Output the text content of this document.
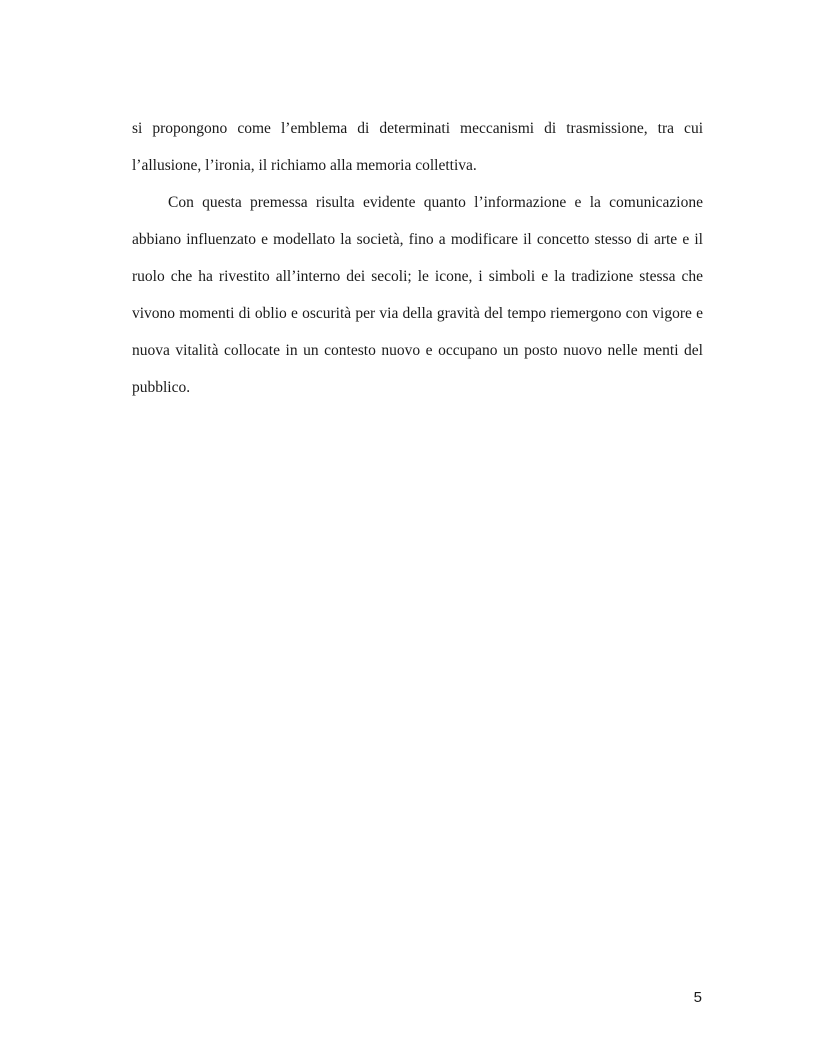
si propongono come l’emblema di determinati meccanismi di trasmissione, tra cui l’allusione, l’ironia, il richiamo alla memoria collettiva.

Con questa premessa risulta evidente quanto l’informazione e la comunicazione abbiano influenzato e modellato la società, fino a modificare il concetto stesso di arte e il ruolo che ha rivestito all’interno dei secoli; le icone, i simboli e la tradizione stessa che vivono momenti di oblio e oscurità per via della gravità del tempo riemergono con vigore e nuova vitalità collocate in un contesto nuovo e occupano un posto nuovo nelle menti del pubblico.

5
